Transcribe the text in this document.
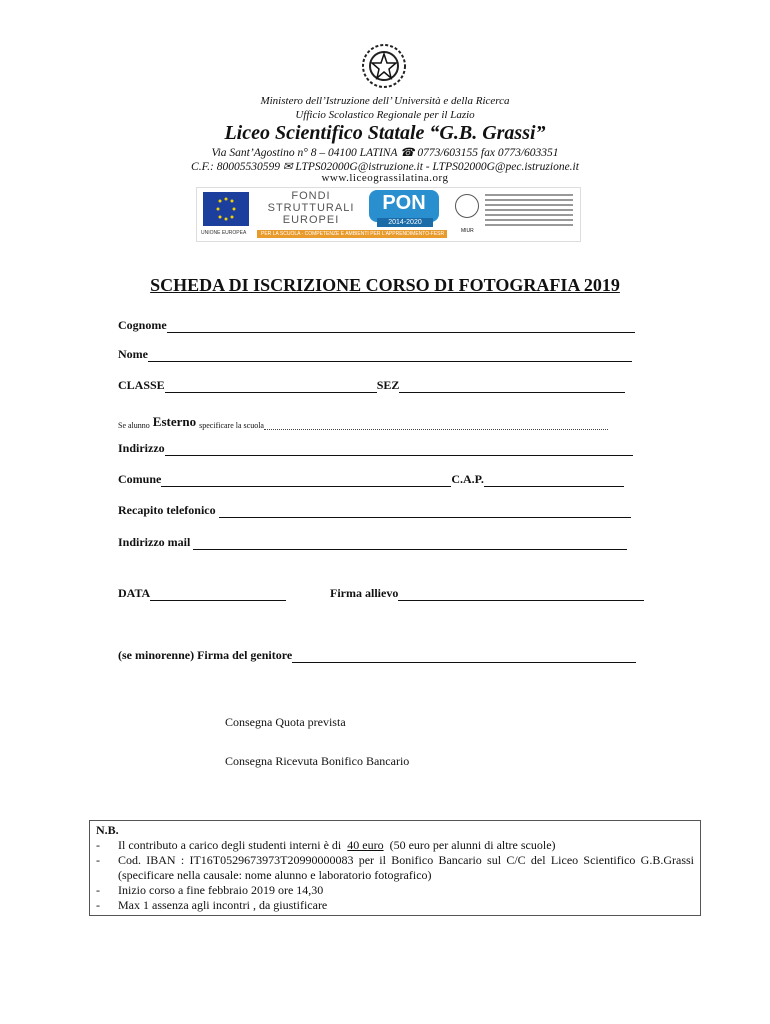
Ministero dell’Istruzione dell’ Università e della Ricerca
Ufficio Scolastico Regionale per il Lazio
Liceo Scientifico Statale “G.B. Grassi”
Via Sant’Agostino n° 8 – 04100 LATINA ☎ 0773/603155 fax 0773/603351
C.F.: 80005530599 ✉ LTPS02000G@istruzione.it - LTPS02000G@pec.istruzione.it
www.liceograssilatina.org
UNIONE EUROPEA
FONDI STRUTTURALI EUROPEI
PON
2014-2020
PER LA SCUOLA - COMPETENZE E AMBIENTI PER L'APPRENDIMENTO-FESR	MIUR
SCHEDA DI ISCRIZIONE CORSO DI FOTOGRAFIA 2019
Cognome
Nome
CLASSE	SEZ
Se alunno
Esterno
specificare la scuola
Indirizzo
Comune	C.A.P.
Recapito telefonico

Indirizzo mail

DATA	Firma allievo
(se minorenne) Firma del genitore
Consegna Quota prevista
Consegna Ricevuta Bonifico Bancario
N.B.
-	Il contributo a carico degli studenti interni è di 40 euro (50 euro per alunni di altre scuole)
-	Cod. IBAN : IT16T0529673973T20990000083 per il Bonifico Bancario sul C/C del Liceo Scientifico G.B.Grassi (specificare nella causale: nome alunno e laboratorio fotografico)
-	Inizio corso a fine febbraio 2019 ore 14,30
-	Max 1 assenza agli incontri , da giustificare
